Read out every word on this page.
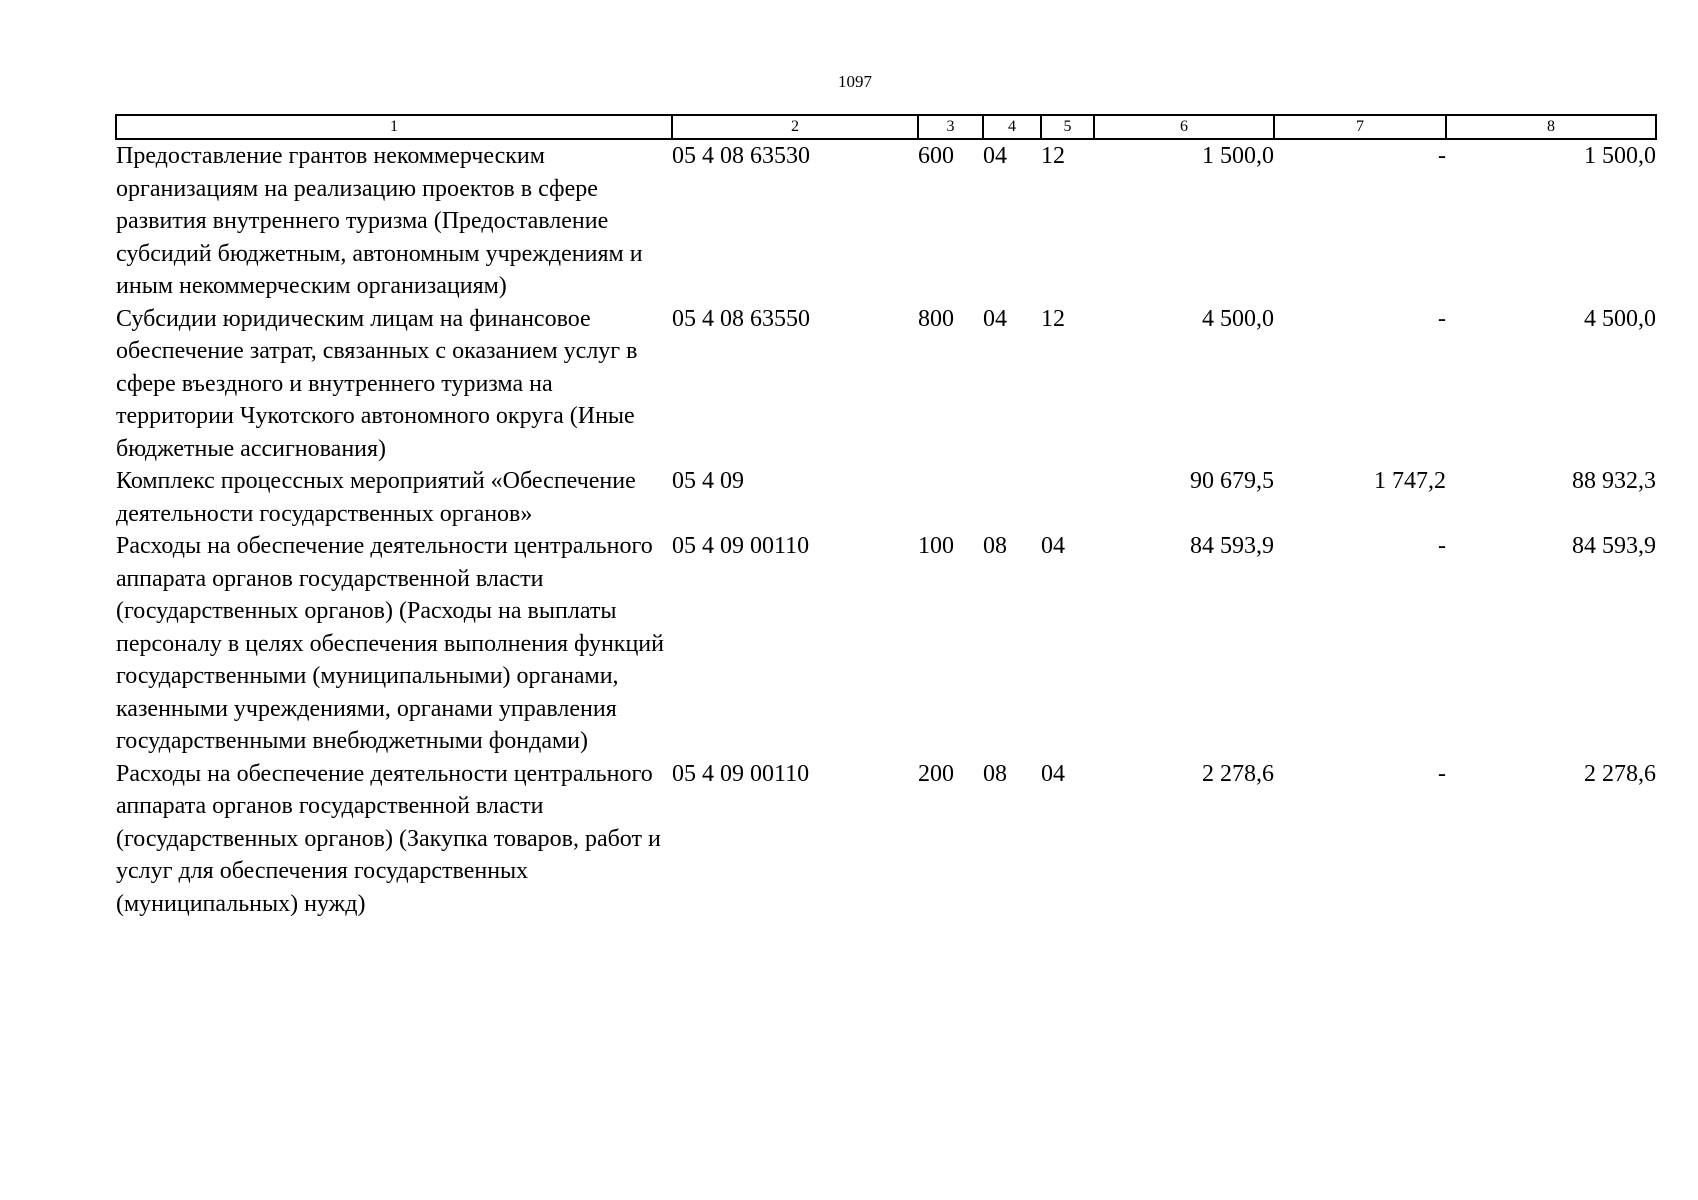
1097
1	2	3	4	5	6	7	8
Предоставление грантов некоммерческим организациям на реализацию проектов в сфере развития внутреннего туризма (Предоставление субсидий бюджетным, автономным учреждениям и иным некоммерческим организациям)	05 4 08 63530	600	04	12	1 500,0	-	1 500,0
Субсидии юридическим лицам на финансовое обеспечение затрат, связанных с оказанием услуг в сфере въездного и внутреннего туризма на территории Чукотского автономного округа (Иные бюджетные ассигнования)	05 4 08 63550	800	04	12	4 500,0	-	4 500,0
Комплекс процессных мероприятий «Обеспечение деятельности государственных органов»	05 4 09				90 679,5	1 747,2	88 932,3
Расходы на обеспечение деятельности центрального аппарата органов государственной власти (государственных органов) (Расходы на выплаты персоналу в целях обеспечения выполнения функций государственными (муниципальными) органами, казенными учреждениями, органами управления государственными внебюджетными фондами)	05 4 09 00110	100	08	04	84 593,9	-	84 593,9
Расходы на обеспечение деятельности центрального аппарата органов государственной власти (государственных органов) (Закупка товаров, работ и услуг для обеспечения государственных (муниципальных) нужд)	05 4 09 00110	200	08	04	2 278,6	-	2 278,6
